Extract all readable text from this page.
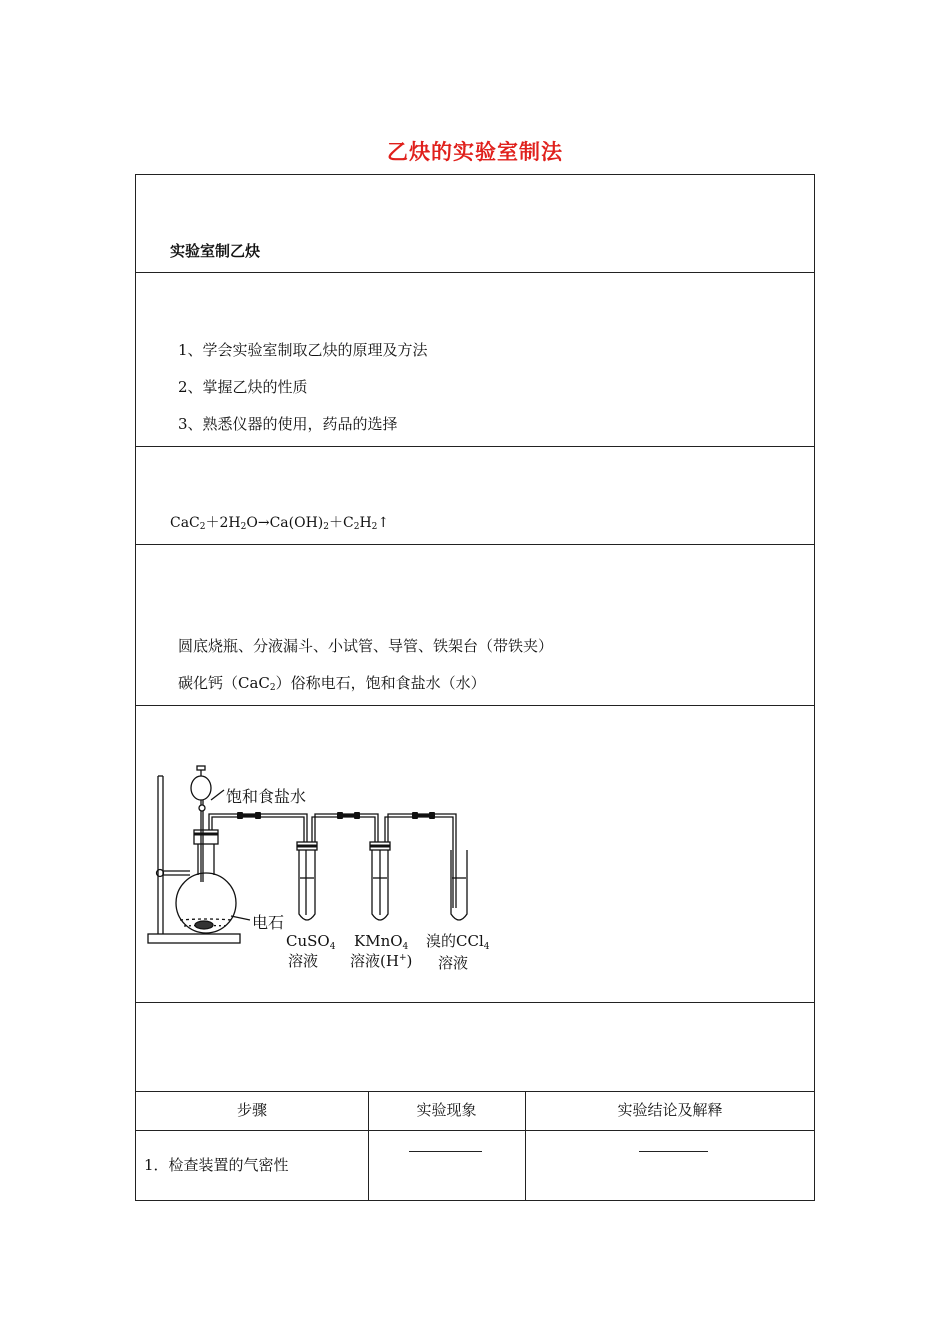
乙炔的实验室制法
实验室制乙炔
1、学会实验室制取乙炔的原理及方法
2、掌握乙炔的性质
3、熟悉仪器的使用，药品的选择
$CaC_2+2H_2O\to Ca(OH)_2+C_2H_2↑$
圆底烧瓶、分液漏斗、小试管、导管、铁架台（带铁夹）
碳化钙（CaC$_2$）俗称电石，饱和食盐水（水）
步骤	实验现象	实验结论及解释
1．检查装置的气密性
饱和食盐水
电石
CuSO$_4$
溶液
KMnO$_4$
溶液(H+)
溴的CCl$_4$
溶液
